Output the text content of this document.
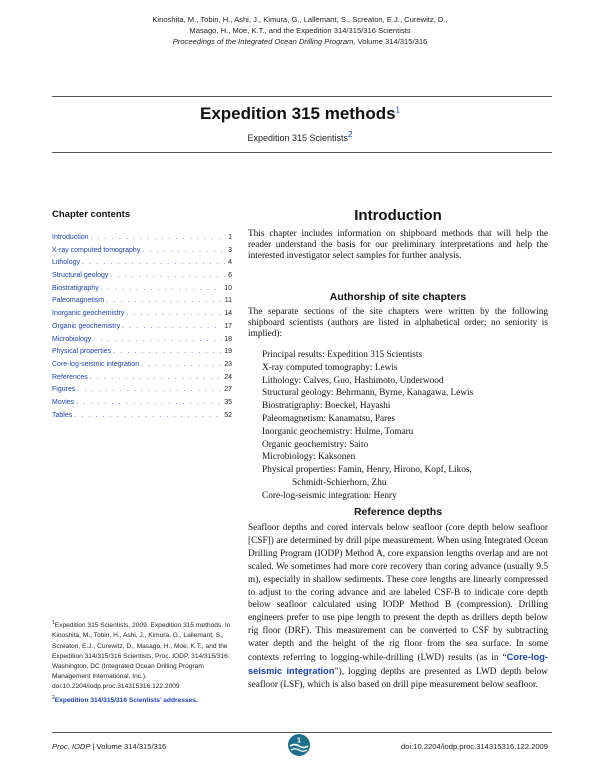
Kinoshita, M., Tobin, H., Ashi, J., Kimura, G., Lallemant, S., Screaton, E.J., Curewitz, D.,
Masago, H., Moe, K.T., and the Expedition 314/315/316 Scientists
Proceedings of the Integrated Ocean Drilling Program, Volume 314/315/316
Expedition 315 methods$^1$
Expedition 315 Scientists$^2$
Chapter contents
Introduction . . .	1
X-ray computed tomography . . .	3
Lithology . . .	4
Structural geology . . .	6
Biostratigraphy . . .	10
Paleomagnetism . . .	11
Inorganic geochemistry . . .	14
Organic geochemistry . . .	17
Microbiology . . .	18
Physical properties . . .	19
Core-log-seismic integration . . .	23
References . . .	24
Figures . . .	27
Movies . . .	35
Tables . . .	52

$^1$Expedition 315 Scientists, 2009. Expedition 315 methods. In Kinoshita, M., Tobin, H., Ashi, J., Kimura, G., Lallemant, S., Screaton, E.J., Curewitz, D., Masago, H., Moe, K.T., and the Expedition 314/315/316 Scientists, Proc. IODP, 314/315/316: Washington, DC (Integrated Ocean Drilling Program Management International, Inc.). doi:10.2204/iodp.proc.314315316.122.2009

$^2$Expedition 314/315/316 Scientists’ addresses.

Introduction
This chapter includes information on shipboard methods that will help the reader understand the basis for our preliminary interpretations and help the interested investigator select samples for further analysis.
Authorship of site chapters
The separate sections of the site chapters were written by the following shipboard scientists (authors are listed in alphabetical order; no seniority is implied):
Principal results: Expedition 315 Scientists
X-ray computed tomography: Lewis
Lithology: Calves, Guo, Hashimoto, Underwood
Structural geology: Behrmann, Byrne, Kanagawa, Lewis
Biostratigraphy: Boeckel, Hayashi
Paleomagnetism: Kanamatsu, Pares
Inorganic geochemistry: Hulme, Tomaru
Organic geochemistry: Saito
Microbiology: Kaksonen
Physical properties: Famin, Henry, Hirono, Kopf, Likos,
Schmidt-Schierhorn, Zhu
Core-log-seismic integration: Henry
Reference depths
Seafloor depths and cored intervals below seafloor (core depth below seafloor [CSF]) are determined by drill pipe measurement. When using Integrated Ocean Drilling Program (IODP) Method A, core expansion lengths overlap and are not scaled. We sometimes had more core recovery than coring advance (usually 9.5 m), especially in shallow sediments. These core lengths are linearly compressed to adjust to the coring advance and are labeled CSF-B to indicate core depth below seafloor calculated using IODP Method B (compression). Drilling engineers prefer to use pipe length to present the depth as drillers depth below rig floor (DRF). This measurement can be converted to CSF by subtracting water depth and the height of the rig floor from the sea surface. In some contexts referring to logging-while-drilling (LWD) results (as in “Core-log-seismic integration”), logging depths are presented as LWD depth below seafloor (LSF), which is also based on drill pipe measurement below seafloor.
Proc. IODP | Volume 314/315/316
1
doi:10.2204/iodp.proc.314315316.122.2009
